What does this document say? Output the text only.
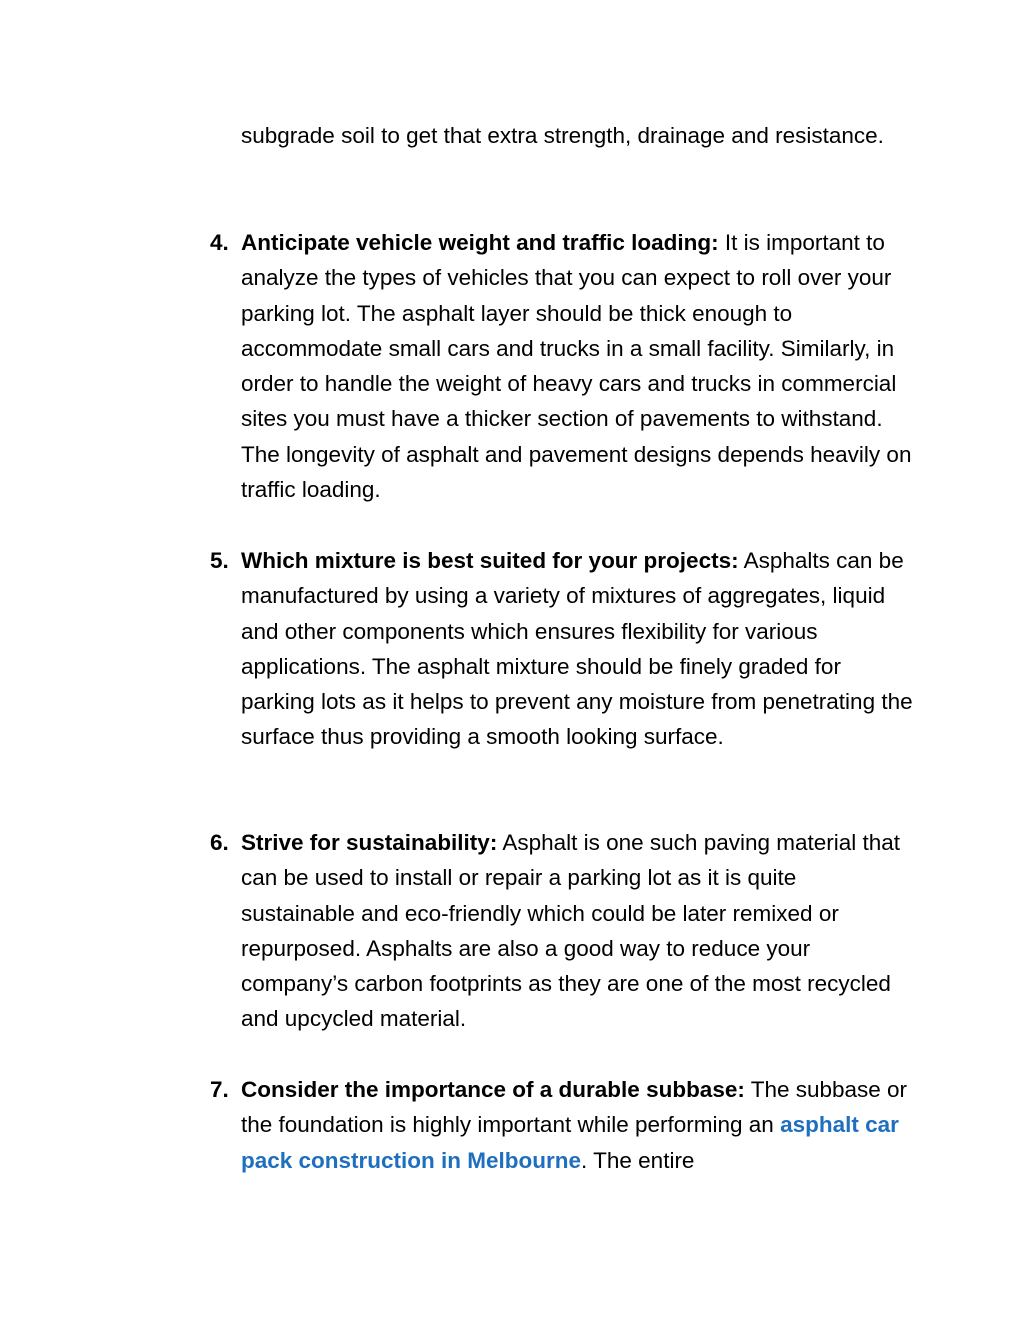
subgrade soil to get that extra strength, drainage and resistance.

4. Anticipate vehicle weight and traffic loading: It is important to analyze the types of vehicles that you can expect to roll over your parking lot. The asphalt layer should be thick enough to accommodate small cars and trucks in a small facility. Similarly, in order to handle the weight of heavy cars and trucks in commercial sites you must have a thicker section of pavements to withstand. The longevity of asphalt and pavement designs depends heavily on traffic loading.
5. Which mixture is best suited for your projects: Asphalts can be manufactured by using a variety of mixtures of aggregates, liquid and other components which ensures flexibility for various applications. The asphalt mixture should be finely graded for parking lots as it helps to prevent any moisture from penetrating the surface thus providing a smooth looking surface.
6. Strive for sustainability: Asphalt is one such paving material that can be used to install or repair a parking lot as it is quite sustainable and eco-friendly which could be later remixed or repurposed. Asphalts are also a good way to reduce your company’s carbon footprints as they are one of the most recycled and upcycled material.
7. Consider the importance of a durable subbase: The subbase or the foundation is highly important while performing an asphalt car pack construction in Melbourne. The entire
